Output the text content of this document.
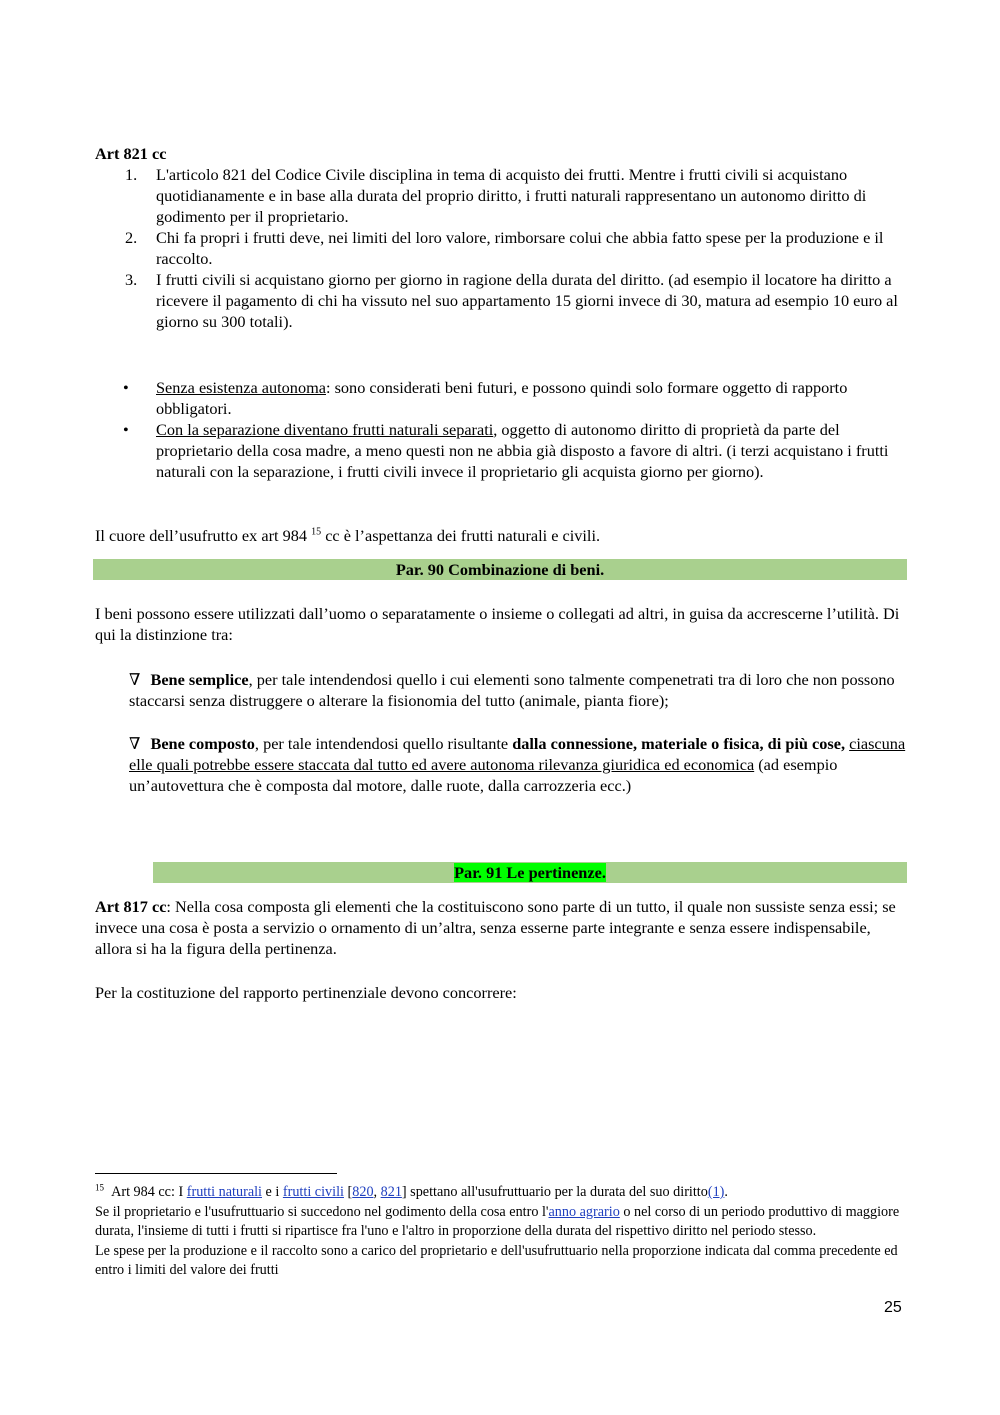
Art 821 cc

1. L'articolo 821 del Codice Civile disciplina in tema di acquisto dei frutti. Mentre i frutti civili si acquistano quotidianamente e in base alla durata del proprio diritto, i frutti naturali rappresentano un autonomo diritto di godimento per il proprietario.
2. Chi fa propri i frutti deve, nei limiti del loro valore, rimborsare colui che abbia fatto spese per la produzione e il raccolto.
3. I frutti civili si acquistano giorno per giorno in ragione della durata del diritto. (ad esempio il locatore ha diritto a ricevere il pagamento di chi ha vissuto nel suo appartamento 15 giorni invece di 30, matura ad esempio 10 euro al giorno su 300 totali).
• Senza esistenza autonoma: sono considerati beni futuri, e possono quindi solo formare oggetto di rapporto obbligatori.
• Con la separazione diventano frutti naturali separati, oggetto di autonomo diritto di proprietà da parte del proprietario della cosa madre, a meno questi non ne abbia già disposto a favore di altri. (i terzi acquistano i frutti naturali con la separazione, i frutti civili invece il proprietario gli acquista giorno per giorno).

Il cuore dell’usufrutto ex art 984 $^{15}$ cc è l’aspettanza dei frutti naturali e civili.

Par. 90 Combinazione di beni.

I beni possono essere utilizzati dall’uomo o separatamente o insieme o collegati ad altri, in guisa da accrescerne l’utilità. Di qui la distinzione tra:

∇ Bene semplice, per tale intendendosi quello i cui elementi sono talmente compenetrati tra di loro che non possono staccarsi senza distruggere o alterare la fisionomia del tutto (animale, pianta fiore);

∇ Bene composto, per tale intendendosi quello risultante dalla connessione, materiale o fisica, di più cose, ciascuna elle quali potrebbe essere staccata dal tutto ed avere autonoma rilevanza giuridica ed economica (ad esempio un’autovettura che è composta dal motore, dalle ruote, dalla carrozzeria ecc.)

Par. 91 Le pertinenze.

Art 817 cc: Nella cosa composta gli elementi che la costituiscono sono parte di un tutto, il quale non sussiste senza essi; se invece una cosa è posta a servizio o ornamento di un’altra, senza esserne parte integrante e senza essere indispensabile, allora si ha la figura della pertinenza.

Per la costituzione del rapporto pertinenziale devono concorrere:

$^{15}$ Art 984 cc: I frutti naturali e i frutti civili [820, 821] spettano all'usufruttuario per la durata del suo diritto(1).
Se il proprietario e l'usufruttuario si succedono nel godimento della cosa entro l'anno agrario o nel corso di un periodo produttivo di maggiore durata, l'insieme di tutti i frutti si ripartisce fra l'uno e l'altro in proporzione della durata del rispettivo diritto nel periodo stesso.
Le spese per la produzione e il raccolto sono a carico del proprietario e dell'usufruttuario nella proporzione indicata dal comma precedente ed entro i limiti del valore dei frutti
25
